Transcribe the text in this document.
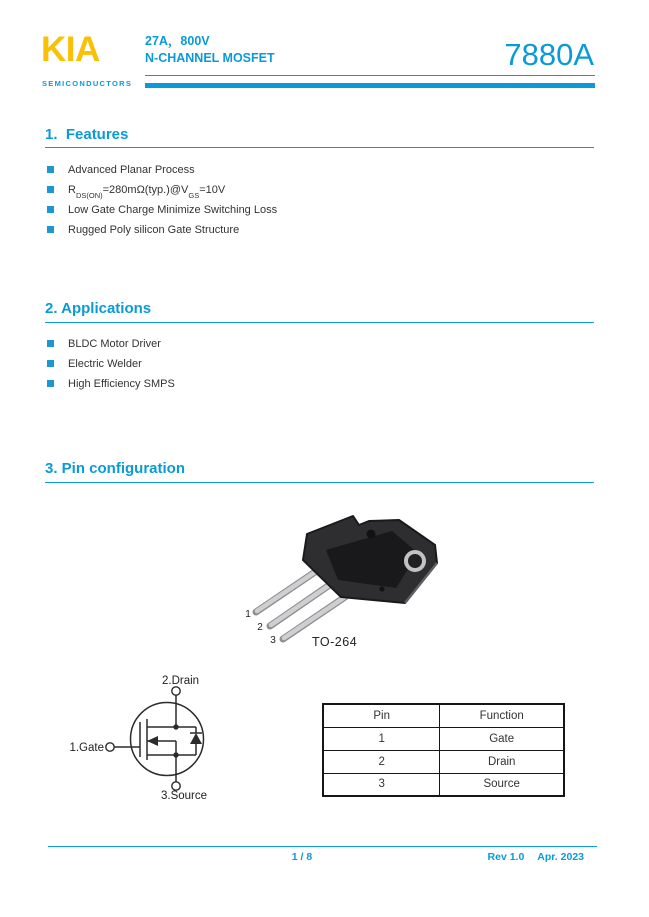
KIA
SEMICONDUCTORS
27A，800V
N-CHANNEL MOSFET	7880A
1.  Features
Advanced Planar Process
$R_{DS(ON)}=280m\Omega(typ.)@V_{GS}=10V$
Low Gate Charge Minimize Switching Loss
Rugged Poly silicon Gate Structure
2. Applications
BLDC Motor Driver
Electric Welder
High Efficiency SMPS
3. Pin configuration
1
2
3	TO-264
2.Drain
1.Gate
3.Source
Pin	Function
1	Gate
2	Drain
3	Source
1 / 8	Rev 1.0 Apr. 2023
